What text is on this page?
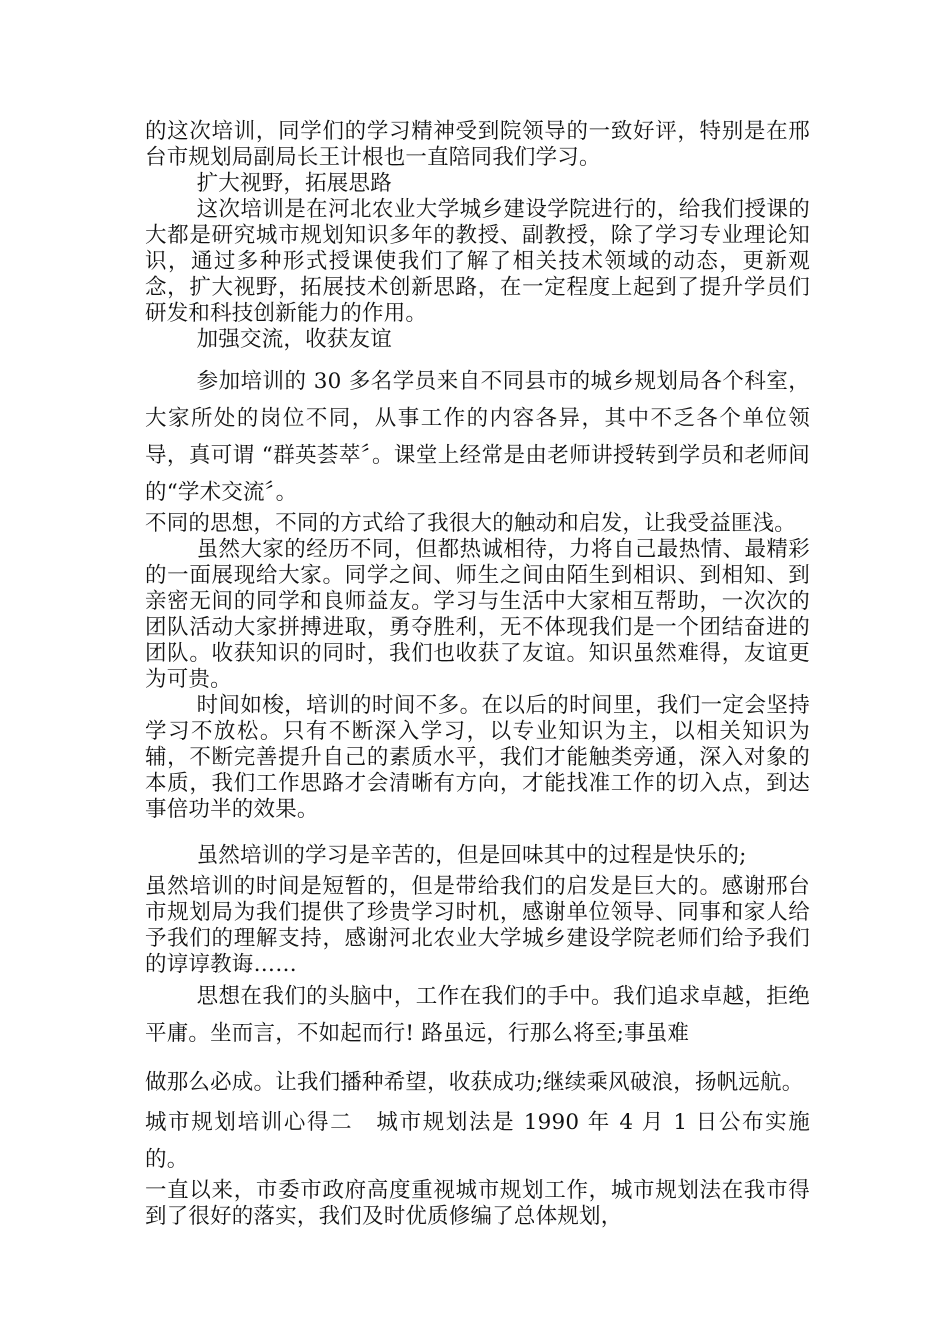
的这次培训，同学们的学习精神受到院领导的一致好评，特别是在邢台市规划局副局长王计根也一直陪同我们学习。

扩大视野，拓展思路

这次培训是在河北农业大学城乡建设学院进行的，给我们授课的大都是研究城市规划知识多年的教授、副教授，除了学习专业理论知识，通过多种形式授课使我们了解了相关技术领域的动态，更新观念，扩大视野，拓展技术创新思路，在一定程度上起到了提升学员们研发和科技创新能力的作用。

加强交流，收获友谊

参加培训的 30 多名学员来自不同县市的城乡规划局各个科室，大家所处的岗位不同，从事工作的内容各异，其中不乏各个单位领导，真可谓 “群英荟萃〞。课堂上经常是由老师讲授转到学员和老师间的“学术交流〞。

不同的思想，不同的方式给了我很大的触动和启发，让我受益匪浅。

虽然大家的经历不同，但都热诚相待，力将自己最热情、最精彩的一面展现给大家。同学之间、师生之间由陌生到相识、到相知、到亲密无间的同学和良师益友。学习与生活中大家相互帮助，一次次的团队活动大家拼搏进取，勇夺胜利，无不体现我们是一个团结奋进的团队。收获知识的同时，我们也收获了友谊。知识虽然难得，友谊更为可贵。

时间如梭，培训的时间不多。在以后的时间里，我们一定会坚持学习不放松。只有不断深入学习，以专业知识为主，以相关知识为辅，不断完善提升自己的素质水平，我们才能触类旁通，深入对象的本质，我们工作思路才会清晰有方向，才能找准工作的切入点，到达事倍功半的效果。

虽然培训的学习是辛苦的，但是回味其中的过程是快乐的;

虽然培训的时间是短暂的，但是带给我们的启发是巨大的。感谢邢台市规划局为我们提供了珍贵学习时机，感谢单位领导、同事和家人给予我们的理解支持，感谢河北农业大学城乡建设学院老师们给予我们的谆谆教诲……

思想在我们的头脑中，工作在我们的手中。我们追求卓越，拒绝平庸。坐而言，不如起而行! 路虽远，行那么将至;事虽难

做那么必成。让我们播种希望，收获成功;继续乘风破浪，扬帆远航。

城市规划培训心得二　城市规划法是 1990 年 4 月 1 日公布实施的。

一直以来，市委市政府高度重视城市规划工作，城市规划法在我市得到了很好的落实，我们及时优质修编了总体规划，
